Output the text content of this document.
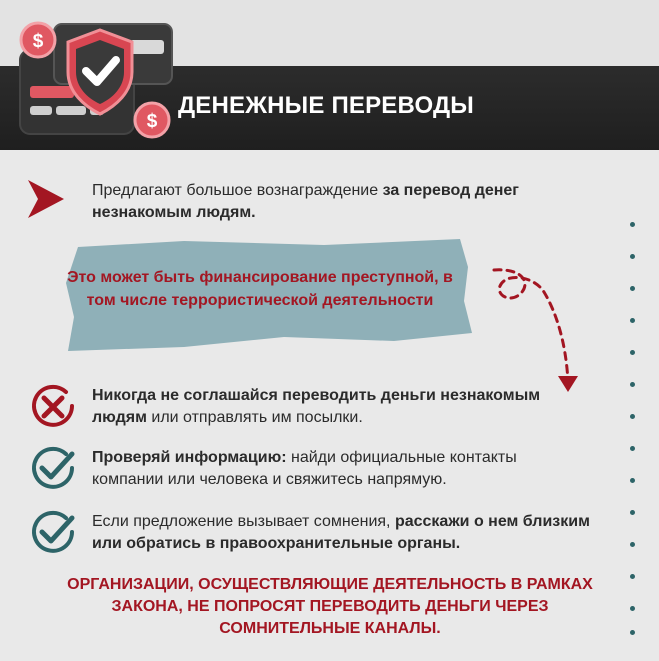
$
$
ДЕНЕЖНЫЕ ПЕРЕВОДЫ
Предлагают большое вознаграждение за перевод денег незнакомым людям.
Это может быть финансирование преступной, в том числе террористической деятельности
Никогда не соглашайся переводить деньги незнакомым людям или отправлять им посылки.
Проверяй информацию: найди официальные контакты компании или человека и свяжитесь напрямую.
Если предложение вызывает сомнения, расскажи о нем близким или обратись в правоохранительные органы.
ОРГАНИЗАЦИИ, ОСУЩЕСТВЛЯЮЩИЕ ДЕЯТЕЛЬНОСТЬ В РАМКАХ ЗАКОНА, НЕ ПОПРОСЯТ ПЕРЕВОДИТЬ ДЕНЬГИ ЧЕРЕЗ СОМНИТЕЛЬНЫЕ КАНАЛЫ.
